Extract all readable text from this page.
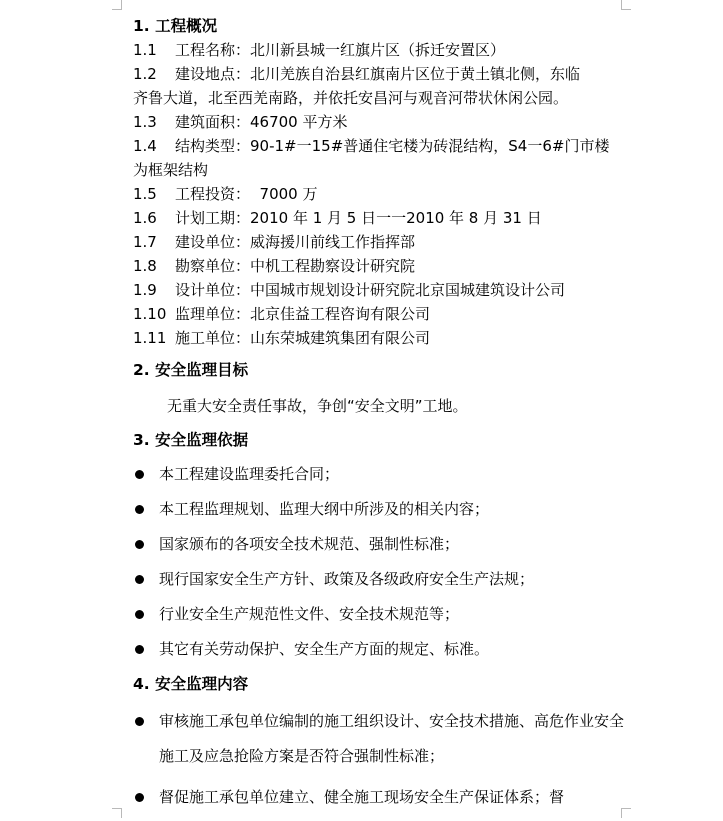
1. 工程概况
1.1 工程名称：北川新县城一红旗片区（拆迁安置区）
1.2 建设地点：北川羌族自治县红旗南片区位于黄土镇北侧，东临
齐鲁大道，北至西羌南路，并依托安昌河与观音河带状休闲公园。
1.3 建筑面积：46700 平方米
1.4 结构类型：90-1#一15#普通住宅楼为砖混结构，S4一6#门市楼
为框架结构
1.5 工程投资：  7000 万
1.6 计划工期：2010 年 1 月 5 日一一2010 年 8 月 31 日
1.7 建设单位：威海援川前线工作指挥部
1.8 勘察单位：中机工程勘察设计研究院
1.9 设计单位：中国城市规划设计研究院北京国城建筑设计公司
1.10 监理单位：北京佳益工程咨询有限公司
1.11 施工单位：山东荣城建筑集团有限公司
2. 安全监理目标
无重大安全责任事故，争创“安全文明”工地。
3. 安全监理依据
本工程建设监理委托合同；
本工程监理规划、监理大纲中所涉及的相关内容；
国家颁布的各项安全技术规范、强制性标准；
现行国家安全生产方针、政策及各级政府安全生产法规；
行业安全生产规范性文件、安全技术规范等；
其它有关劳动保护、安全生产方面的规定、标准。
4. 安全监理内容
审核施工承包单位编制的施工组织设计、安全技术措施、高危作业安全施工及应急抢险方案是否符合强制性标准；
督促施工承包单位建立、健全施工现场安全生产保证体系；督
